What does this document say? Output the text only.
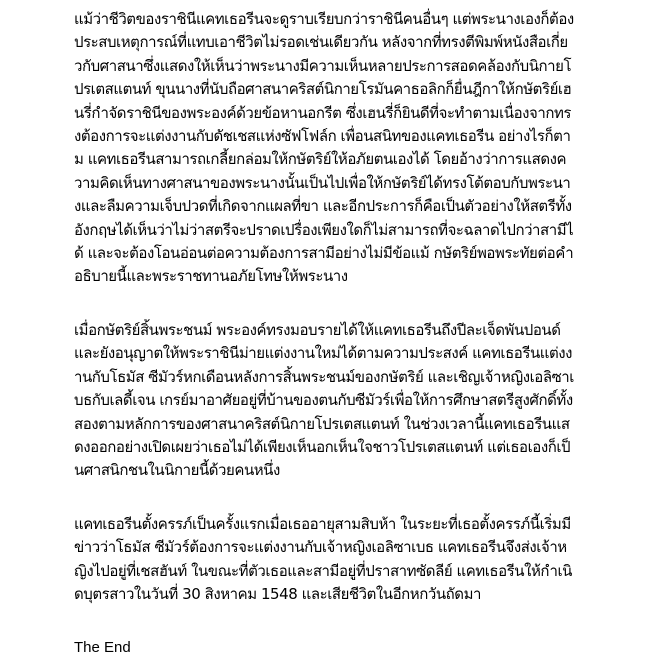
แม้ว่าชีวิตของราชินีแคทเธอรีนจะดูราบเรียบกว่าราชินีคนอื่นๆ แต่พระนางเองก็ต้องประสบเหตุการณ์ที่แทบเอาชีวิตไม่รอดเช่นเดียวกัน หลังจากที่ทรงตีพิมพ์หนังสือเกี่ยวกับศาสนาซึ่งแสดงให้เห็นว่าพระนางมีความเห็นหลายประการสอดคล้องกับนิกายโปรเตสแตนท์ ขุนนางที่นับถือศาสนาคริสต์นิกายโรมันคาธอลิกก็ยื่นฎีกาให้กษัตริย์เฮนรี่กำจัดราชินีของพระองค์ด้วยข้อหานอกรีต ซึ่งเฮนรี่ก็ยินดีที่จะทำตามเนื่องจากทรงต้องการจะแต่งงานกับดัชเชสแห่งซัฟโฟล์ก เพื่อนสนิทของแคทเธอรีน อย่างไรก็ตาม แคทเธอรีนสามารถเกลี้ยกล่อมให้กษัตริย์ให้อภัยตนเองได้ โดยอ้างว่าการแสดงความคิดเห็นทางศาสนาของพระนางนั้นเป็นไปเพื่อให้กษัตริย์ได้ทรงโต้ตอบกับพระนางและลืมความเจ็บปวดที่เกิดจากแผลที่ขา และอีกประการก็คือเป็นตัวอย่างให้สตรีทั้งอังกฤษได้เห็นว่าไม่ว่าสตรีจะปราดเปรื่องเพียงใดก็ไม่สามารถที่จะฉลาดไปกว่าสามีได้ และจะต้องโอนอ่อนต่อความต้องการสามีอย่างไม่มีข้อแม้ กษัตริย์พอพระทัยต่อคำอธิบายนี้และพระราชทานอภัยโทษให้พระนาง

เมื่อกษัตริย์สิ้นพระชนม์ พระองค์ทรงมอบรายได้ให้แคทเธอรีนถึงปีละเจ็ดพันปอนด์ และยังอนุญาตให้พระราชินีม่ายแต่งงานใหม่ได้ตามความประสงค์ แคทเธอรีนแต่งงานกับโธมัส ซีมัวร์หกเดือนหลังการสิ้นพระชนม์ของกษัตริย์ และเชิญเจ้าหญิงเอลิซาเบธกับเลดี้เจน เกรย์มาอาศัยอยู่ที่บ้านของตนกับซีมัวร์เพื่อให้การศึกษาสตรีสูงศักดิ์ทั้งสองตามหลักการของศาสนาคริสต์นิกายโปรเตสแตนท์ ในช่วงเวลานี้แคทเธอรีนแสดงออกอย่างเปิดเผยว่าเธอไม่ได้เพียงเห็นอกเห็นใจชาวโปรเตสแตนท์ แต่เธอเองก็เป็นศาสนิกชนในนิกายนี้ด้วยคนหนึ่ง

แคทเธอรีนตั้งครรภ์เป็นครั้งแรกเมื่อเธออายุสามสิบห้า ในระยะที่เธอตั้งครรภ์นี้เริ่มมีข่าวว่าโธมัส ซีมัวร์ต้องการจะแต่งงานกับเจ้าหญิงเอลิซาเบธ แคทเธอรีนจึงส่งเจ้าหญิงไปอยู่ที่เชสฮันท์ ในขณะที่ตัวเธอและสามีอยู่ที่ปราสาทซัดลีย์ แคทเธอรีนให้กำเนิดบุตรสาวในวันที่ 30 สิงหาคม 1548 และเสียชีวิตในอีกหกวันถัดมา

The End
